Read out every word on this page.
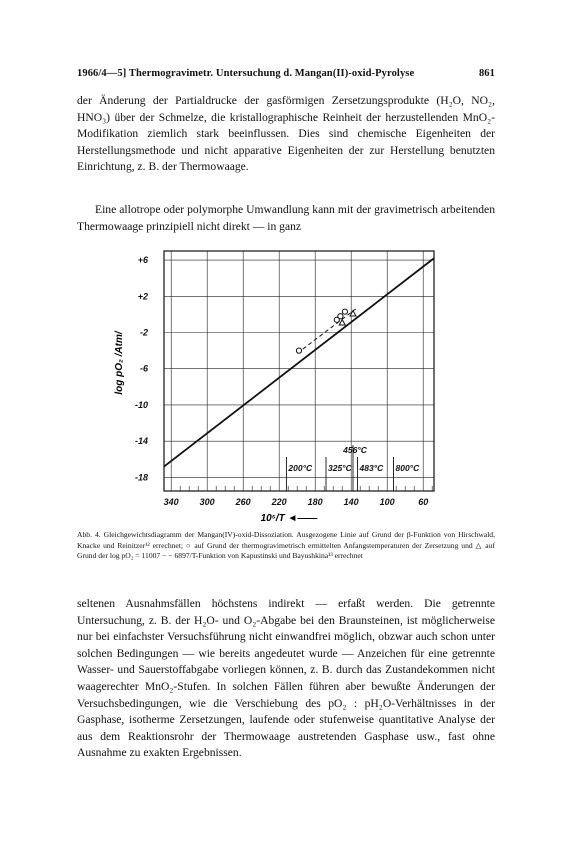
1966/4—5] Thermogravimetr. Untersuchung d. Mangan(II)-oxid-Pyrolyse	861

der Änderung der Partialdrucke der gasförmigen Zersetzungsprodukte (H₂O, NO₂, HNO₃) über der Schmelze, die kristallographische Reinheit der herzustellenden MnO₂-Modifikation ziemlich stark beeinflussen. Dies sind chemische Eigenheiten der Herstellungsmethode und nicht apparative Eigenheiten der zur Herstellung benutzten Einrichtung, z. B. der Thermowaage.

Eine allotrope oder polymorphe Umwandlung kann mit der gravimetrisch arbeitenden Thermowaage prinzipiell nicht direkt — in ganz

340 300 260 220 180 140 100	60
+6
+2
-2
-6
-10
-14
-18
200°C 325°C
456°C
483°C 800°C
10⁵/T ◄——
log pO₂ /Atm/

Abb. 4. Gleichgewichtsdiagramm der Mangan(IV)-oxid-Dissoziation. Ausgezogene Linie auf Grund der β-Funktion von Hirschwald, Knacke und Reinitzer¹² errechnet; ○ auf Grund der thermogravimetrisch ermittelten Anfangstemperaturen der Zersetzung und △ auf Grund der log pO₂ = 11007 − − 6897/T-Funktion von Kapustinski und Bayushkina¹³ errechnet

seltenen Ausnahmsfällen höchstens indirekt — erfaßt werden. Die getrennte Untersuchung, z. B. der H₂O- und O₂-Abgabe bei den Braunsteinen, ist möglicherweise nur bei einfachster Versuchsführung nicht einwandfrei möglich, obzwar auch schon unter solchen Bedingungen — wie bereits angedeutet wurde — Anzeichen für eine getrennte Wasser- und Sauerstoffabgabe vorliegen können, z. B. durch das Zustandekommen nicht waagerechter MnO₂-Stufen. In solchen Fällen führen aber bewußte Änderungen der Versuchsbedingungen, wie die Verschiebung des pO₂ : pH₂O-Verhältnisses in der Gasphase, isotherme Zersetzungen, laufende oder stufenweise quantitative Analyse der aus dem Reaktionsrohr der Thermowaage austretenden Gasphase usw., fast ohne Ausnahme zu exakten Ergebnissen.
